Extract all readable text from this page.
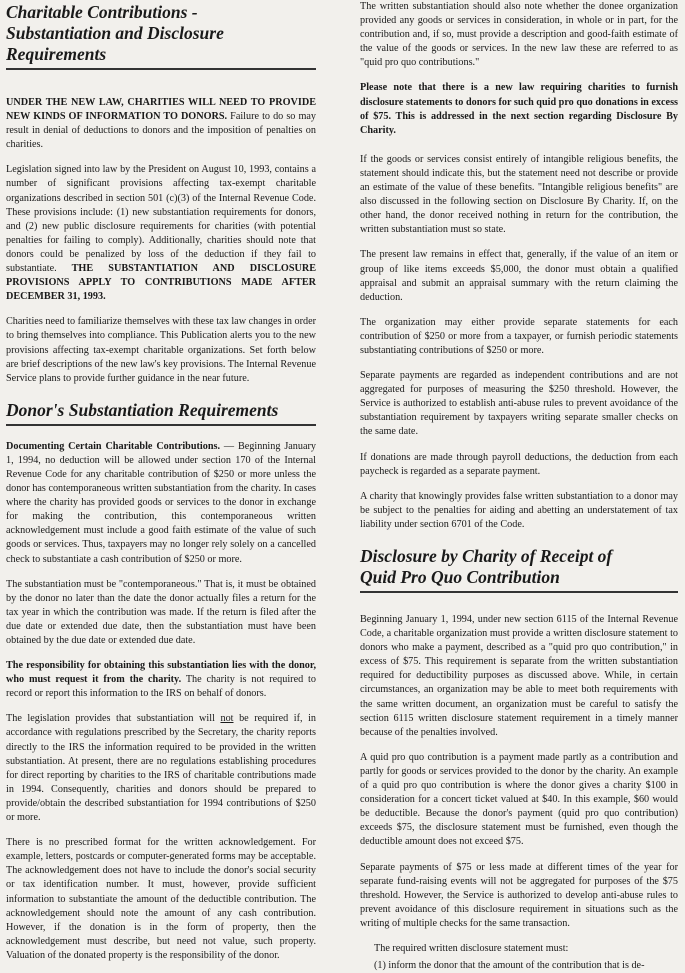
Charitable Contributions -
Substantiation and Disclosure Requirements

UNDER THE NEW LAW, CHARITIES WILL NEED TO PROVIDE NEW KINDS OF INFORMATION TO DONORS. Failure to do so may result in denial of deductions to donors and the imposition of penalties on charities.

Legislation signed into law by the President on August 10, 1993, contains a number of significant provisions affecting tax-exempt charitable organizations described in section 501 (c)(3) of the Internal Revenue Code. These provisions include: (1) new substantiation requirements for donors, and (2) new public disclosure requirements for charities (with potential penalties for failing to comply). Additionally, charities should note that donors could be penalized by loss of the deduction if they fail to substantiate. THE SUBSTANTIATION AND DISCLOSURE PROVISIONS APPLY TO CONTRIBUTIONS MADE AFTER DECEMBER 31, 1993.

Charities need to familiarize themselves with these tax law changes in order to bring themselves into compliance. This Publication alerts you to the new provisions affecting tax-exempt charitable organizations. Set forth below are brief descriptions of the new law's key provisions. The Internal Revenue Service plans to provide further guidance in the near future.

Donor's Substantiation Requirements

Documenting Certain Charitable Contributions. — Beginning January 1, 1994, no deduction will be allowed under section 170 of the Internal Revenue Code for any charitable contribution of $250 or more unless the donor has contemporaneous written substantiation from the charity. In cases where the charity has provided goods or services to the donor in exchange for making the contribution, this contemporaneous written acknowledgement must include a good faith estimate of the value of such goods or services. Thus, taxpayers may no longer rely solely on a cancelled check to substantiate a cash contribution of $250 or more.

The substantiation must be "contemporaneous." That is, it must be obtained by the donor no later than the date the donor actually files a return for the tax year in which the contribution was made. If the return is filed after the due date or extended due date, then the substantiation must have been obtained by the due date or extended due date.

The responsibility for obtaining this substantiation lies with the donor, who must request it from the charity. The charity is not required to record or report this information to the IRS on behalf of donors.

The legislation provides that substantiation will not be required if, in accordance with regulations prescribed by the Secretary, the charity reports directly to the IRS the information required to be provided in the written substantiation. At present, there are no regulations establishing procedures for direct reporting by charities to the IRS of charitable contributions made in 1994. Consequently, charities and donors should be prepared to provide/obtain the described substantiation for 1994 contributions of $250 or more.

There is no prescribed format for the written acknowledgement. For example, letters, postcards or computer-generated forms may be acceptable. The acknowledgement does not have to include the donor's social security or tax identification number. It must, however, provide sufficient information to substantiate the amount of the deductible contribution. The acknowledgement should note the amount of any cash contribution. However, if the donation is in the form of property, then the acknowledgement must describe, but need not value, such property. Valuation of the donated property is the responsibility of the donor.

The written substantiation should also note whether the donee organization provided any goods or services in consideration, in whole or in part, for the contribution and, if so, must provide a description and good-faith estimate of the value of the goods or services. In the new law these are referred to as "quid pro quo contributions."

Please note that there is a new law requiring charities to furnish disclosure statements to donors for such quid pro quo donations in excess of $75. This is addressed in the next section regarding Disclosure By Charity.

If the goods or services consist entirely of intangible religious benefits, the statement should indicate this, but the statement need not describe or provide an estimate of the value of these benefits. "Intangible religious benefits" are also discussed in the following section on Disclosure By Charity. If, on the other hand, the donor received nothing in return for the contribution, the written substantiation must so state.

The present law remains in effect that, generally, if the value of an item or group of like items exceeds $5,000, the donor must obtain a qualified appraisal and submit an appraisal summary with the return claiming the deduction.

The organization may either provide separate statements for each contribution of $250 or more from a taxpayer, or furnish periodic statements substantiating contributions of $250 or more.

Separate payments are regarded as independent contributions and are not aggregated for purposes of measuring the $250 threshold. However, the Service is authorized to establish anti-abuse rules to prevent avoidance of the substantiation requirement by taxpayers writing separate smaller checks on the same date.

If donations are made through payroll deductions, the deduction from each paycheck is regarded as a separate payment.

A charity that knowingly provides false written substantiation to a donor may be subject to the penalties for aiding and abetting an understatement of tax liability under section 6701 of the Code.

Disclosure by Charity of Receipt of
Quid Pro Quo Contribution

Beginning January 1, 1994, under new section 6115 of the Internal Revenue Code, a charitable organization must provide a written disclosure statement to donors who make a payment, described as a "quid pro quo contribution," in excess of $75. This requirement is separate from the written substantiation required for deductibility purposes as discussed above. While, in certain circumstances, an organization may be able to meet both requirements with the same written document, an organization must be careful to satisfy the section 6115 written disclosure statement requirement in a timely manner because of the penalties involved.

A quid pro quo contribution is a payment made partly as a contribution and partly for goods or services provided to the donor by the charity. An example of a quid pro quo contribution is where the donor gives a charity $100 in consideration for a concert ticket valued at $40. In this example, $60 would be deductible. Because the donor's payment (quid pro quo contribution) exceeds $75, the disclosure statement must be furnished, even though the deductible amount does not exceed $75.

Separate payments of $75 or less made at different times of the year for separate fund-raising events will not be aggregated for purposes of the $75 threshold. However, the Service is authorized to develop anti-abuse rules to prevent avoidance of this disclosure requirement in situations such as the writing of multiple checks for the same transaction.

The required written disclosure statement must:

(1) inform the donor that the amount of the contribution that is de-
